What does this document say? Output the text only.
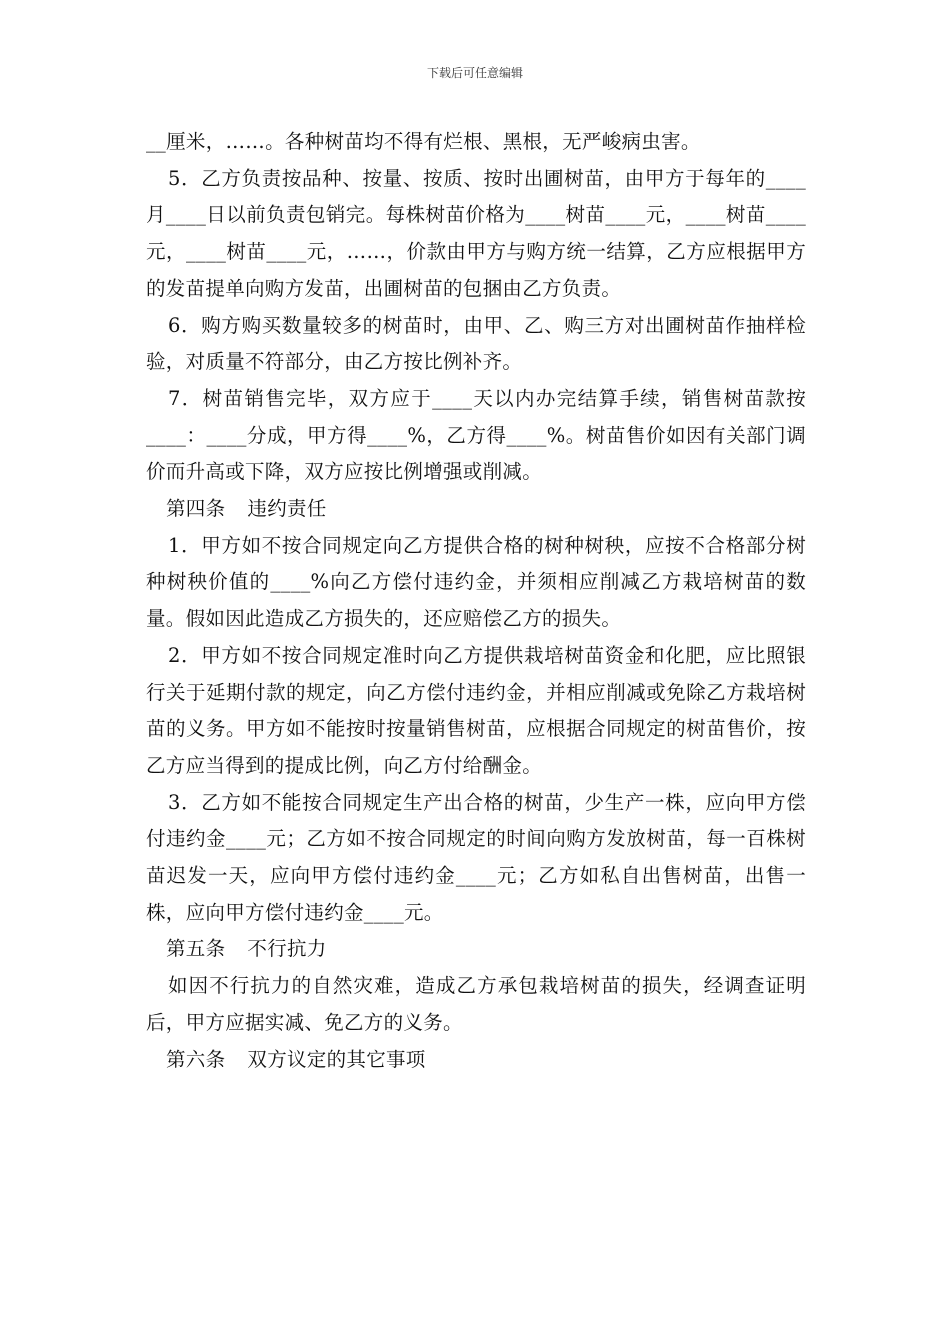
下载后可任意编辑

__厘米，……。各种树苗均不得有烂根、黑根，无严峻病虫害。

5．乙方负责按品种、按量、按质、按时出圃树苗，由甲方于每年的____月____日以前负责包销完。每株树苗价格为____树苗____元，____树苗____元，____树苗____元，……，价款由甲方与购方统一结算，乙方应根据甲方的发苗提单向购方发苗，出圃树苗的包捆由乙方负责。

6．购方购买数量较多的树苗时，由甲、乙、购三方对出圃树苗作抽样检验，对质量不符部分，由乙方按比例补齐。

7．树苗销售完毕，双方应于____天以内办完结算手续，销售树苗款按____：____分成，甲方得____%，乙方得____%。树苗售价如因有关部门调价而升高或下降，双方应按比例增强或削减。

第四条 违约责任

1．甲方如不按合同规定向乙方提供合格的树种树秧，应按不合格部分树种树秧价值的____%向乙方偿付违约金，并须相应削减乙方栽培树苗的数量。假如因此造成乙方损失的，还应赔偿乙方的损失。

2．甲方如不按合同规定准时向乙方提供栽培树苗资金和化肥，应比照银行关于延期付款的规定，向乙方偿付违约金，并相应削减或免除乙方栽培树苗的义务。甲方如不能按时按量销售树苗，应根据合同规定的树苗售价，按乙方应当得到的提成比例，向乙方付给酬金。

3．乙方如不能按合同规定生产出合格的树苗，少生产一株，应向甲方偿付违约金____元；乙方如不按合同规定的时间向购方发放树苗，每一百株树苗迟发一天，应向甲方偿付违约金____元；乙方如私自出售树苗，出售一株，应向甲方偿付违约金____元。

第五条 不行抗力

如因不行抗力的自然灾难，造成乙方承包栽培树苗的损失，经调查证明后，甲方应据实减、免乙方的义务。

第六条 双方议定的其它事项
